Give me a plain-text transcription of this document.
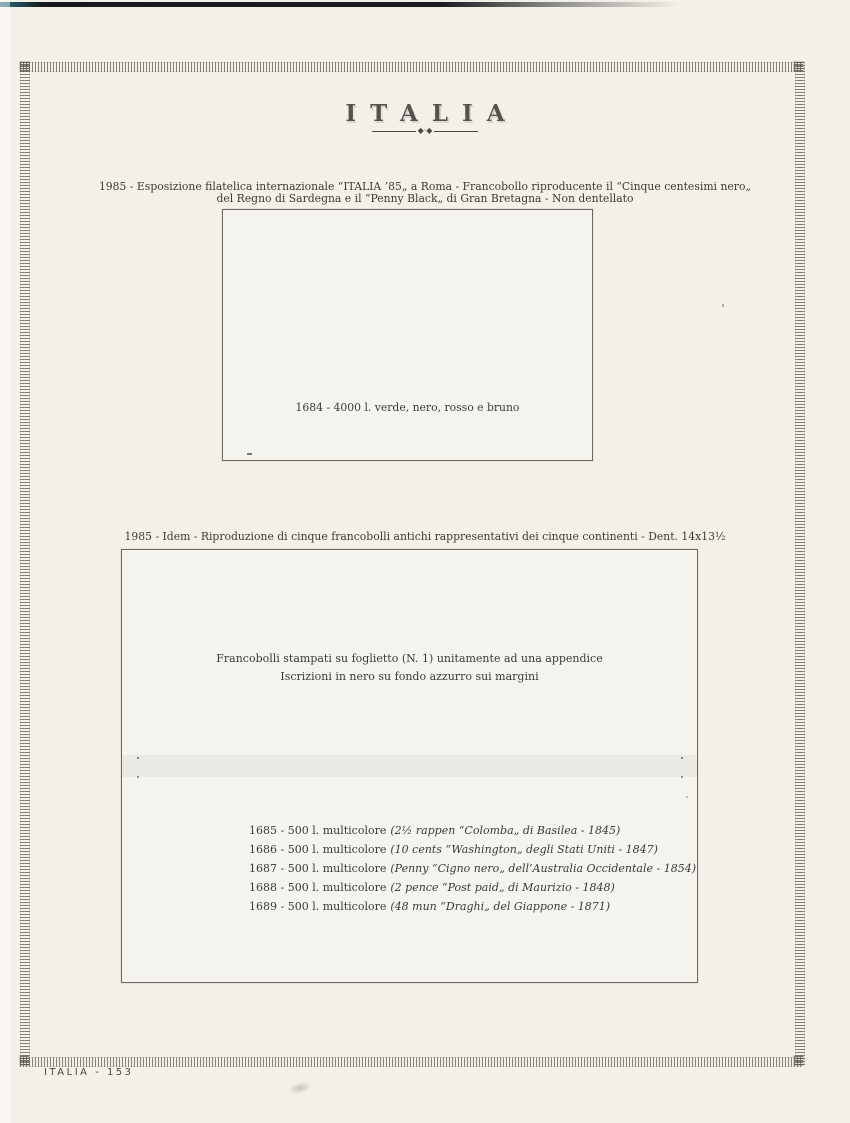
ITALIA
◆·◆
1985 - Esposizione filatelica internazionale “ITALIA ’85„ a Roma - Francobollo riproducente il “Cinque centesimi nero„
del Regno di Sardegna e il “Penny Black„ di Gran Bretagna - Non dentellato
1684 - 4000 l. verde, nero, rosso e bruno
1985 - Idem - Riproduzione di cinque francobolli antichi rappresentativi dei cinque continenti - Dent. 14x13½
Francobolli stampati su foglietto (N. 1) unitamente ad una appendice
Iscrizioni in nero su fondo azzurro sui margini
1685 - 500 l. multicolore (2½ rappen “Colomba„ di Basilea - 1845)
1686 - 500 l. multicolore (10 cents “Washington„ degli Stati Uniti - 1847)
1687 - 500 l. multicolore (Penny “Cigno nero„ dell’Australia Occidentale - 1854)
1688 - 500 l. multicolore (2 pence “Post paid„ di Maurizio - 1848)
1689 - 500 l. multicolore (48 mun “Draghi„ del Giappone - 1871)
ITALIA - 153
